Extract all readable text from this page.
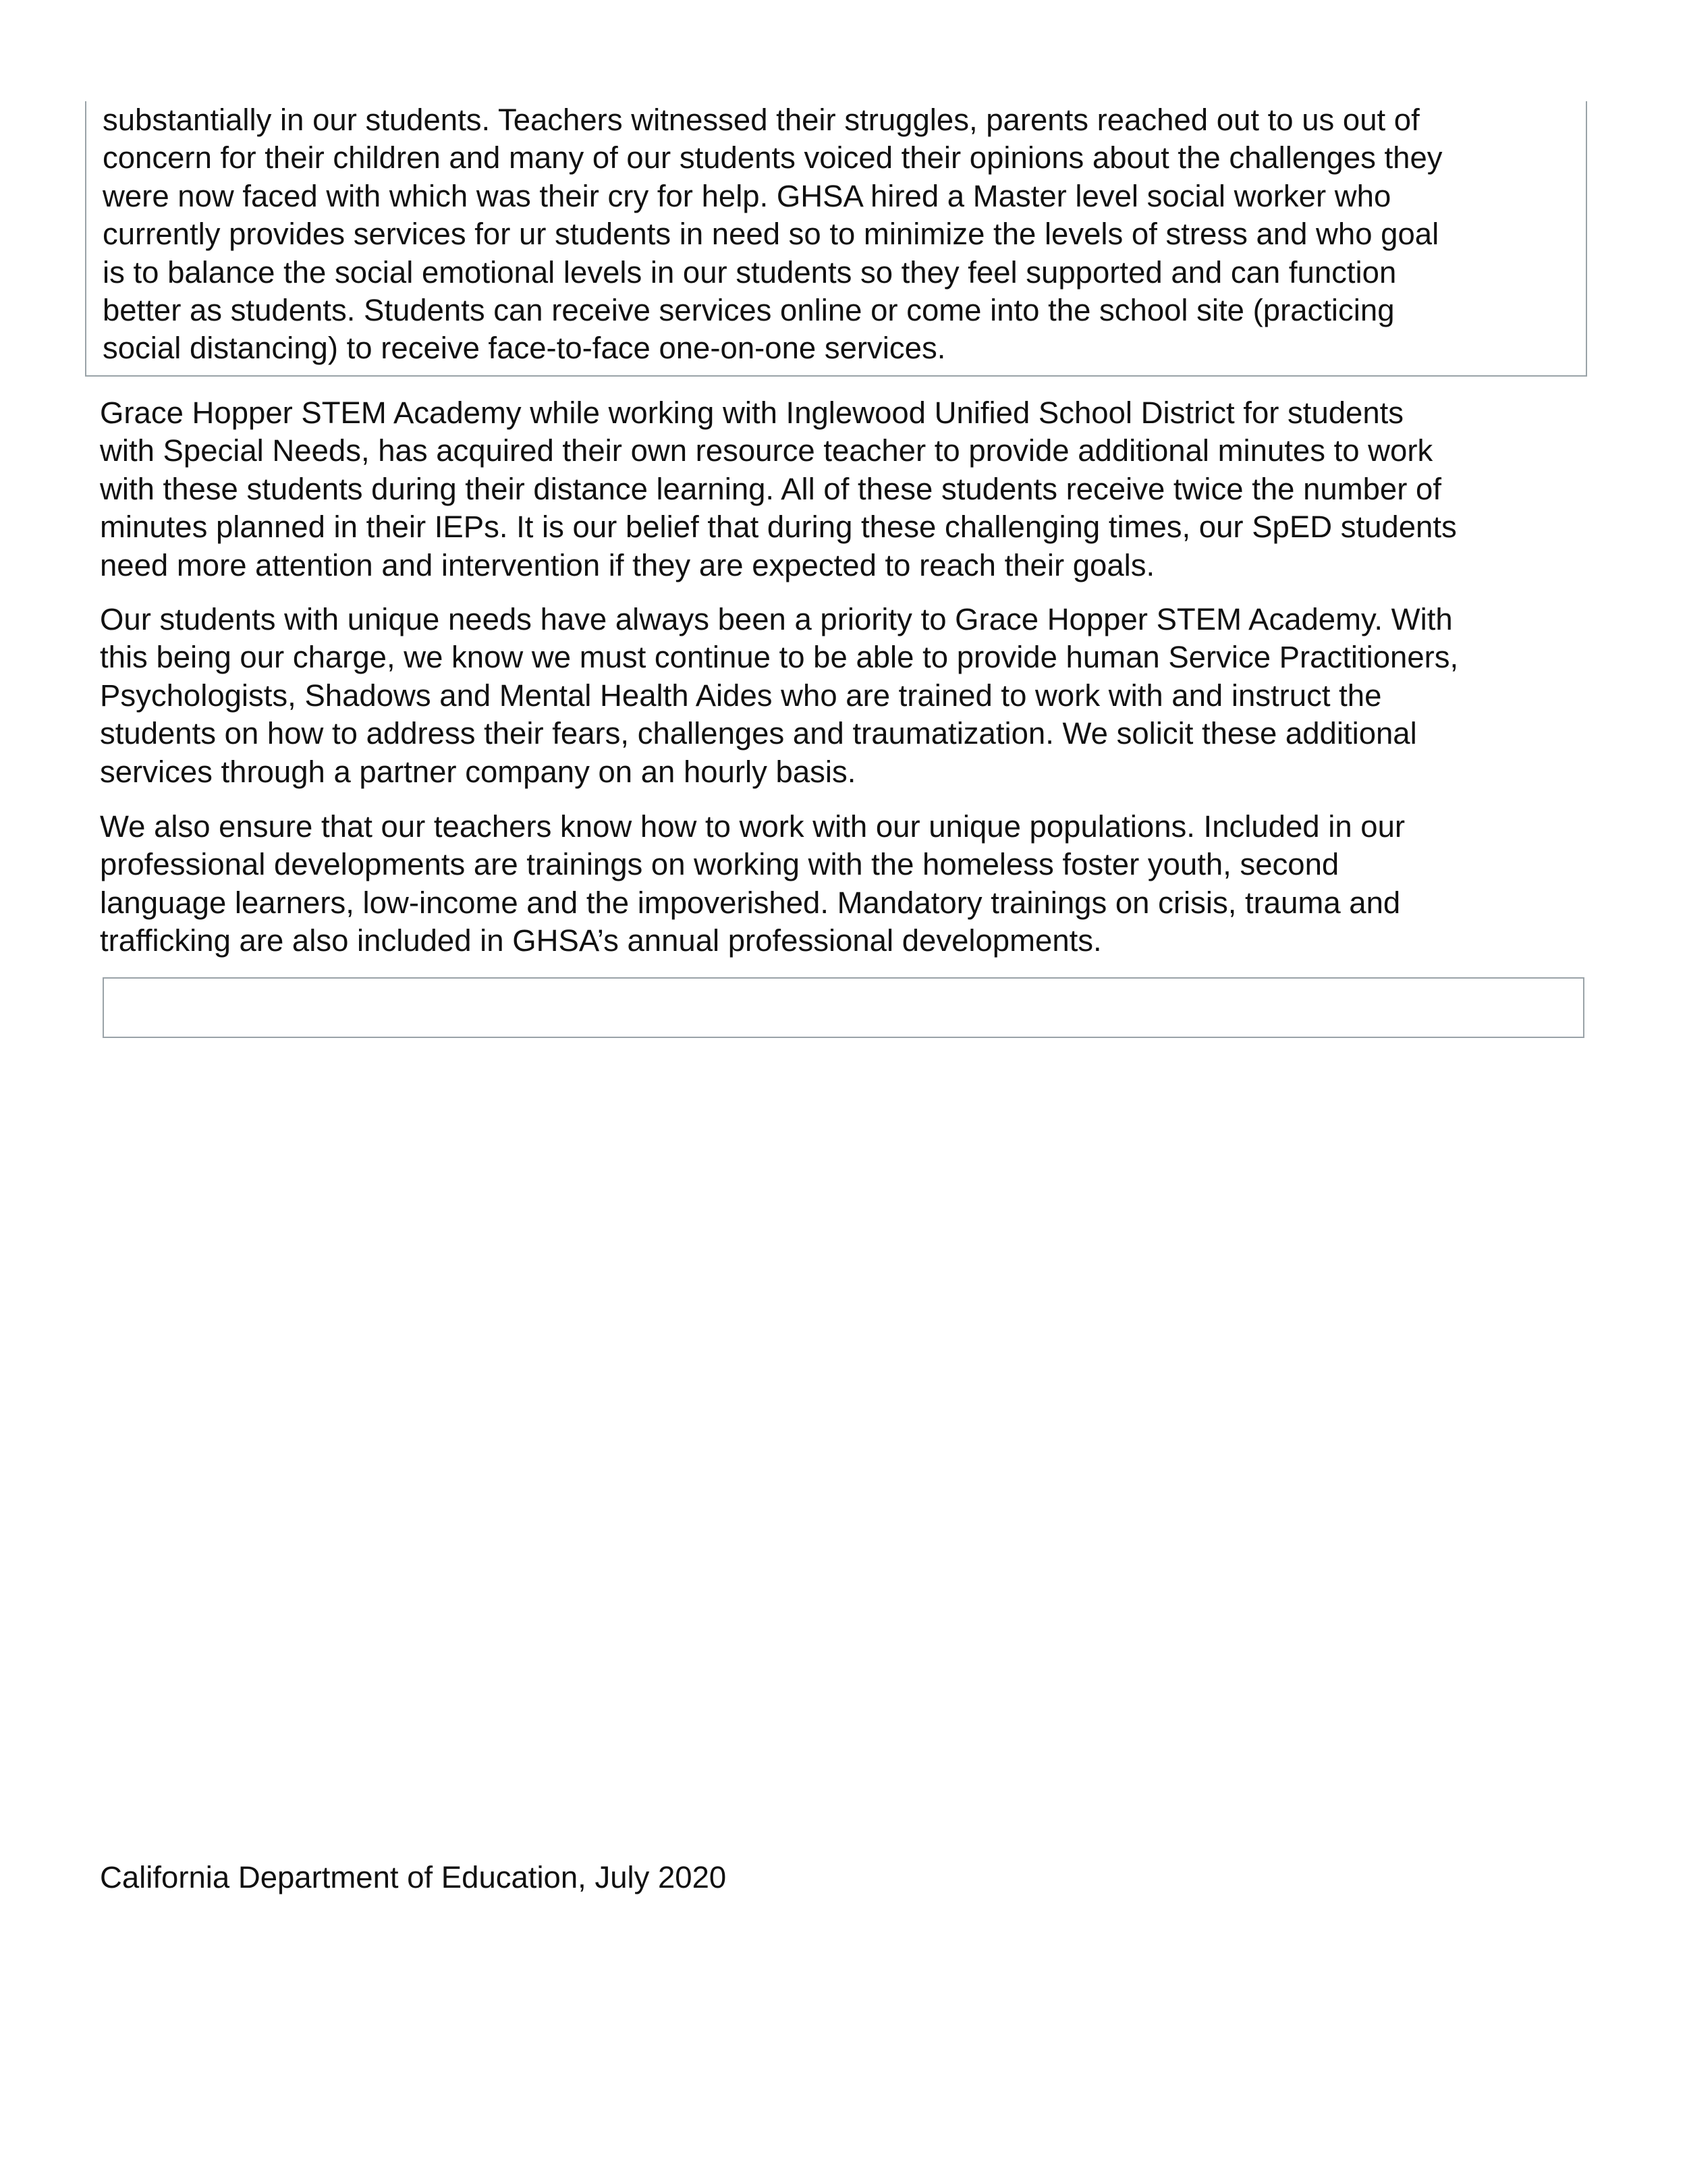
substantially in our students. Teachers witnessed their struggles, parents reached out to us out of
concern for their children and many of our students voiced their opinions about the challenges they
were now faced with which was their cry for help. GHSA hired a Master level social worker who
currently provides services for ur students in need so to minimize the levels of stress and who goal
is to balance the social emotional levels in our students so they feel supported and can function
better as students. Students can receive services online or come into the school site (practicing
social distancing) to receive face-to-face one-on-one services.

Grace Hopper STEM Academy while working with Inglewood Unified School District for students
with Special Needs, has acquired their own resource teacher to provide additional minutes to work
with these students during their distance learning. All of these students receive twice the number of
minutes planned in their IEPs. It is our belief that during these challenging times, our SpED students
need more attention and intervention if they are expected to reach their goals.

Our students with unique needs have always been a priority to Grace Hopper STEM Academy. With
this being our charge, we know we must continue to be able to provide human Service Practitioners,
Psychologists, Shadows and Mental Health Aides who are trained to work with and instruct the
students on how to address their fears, challenges and traumatization. We solicit these additional
services through a partner company on an hourly basis.

We also ensure that our teachers know how to work with our unique populations. Included in our
professional developments are trainings on working with the homeless foster youth, second
language learners, low-income and the impoverished. Mandatory trainings on crisis, trauma and
trafficking are also included in GHSA’s annual professional developments.

California Department of Education, July 2020
